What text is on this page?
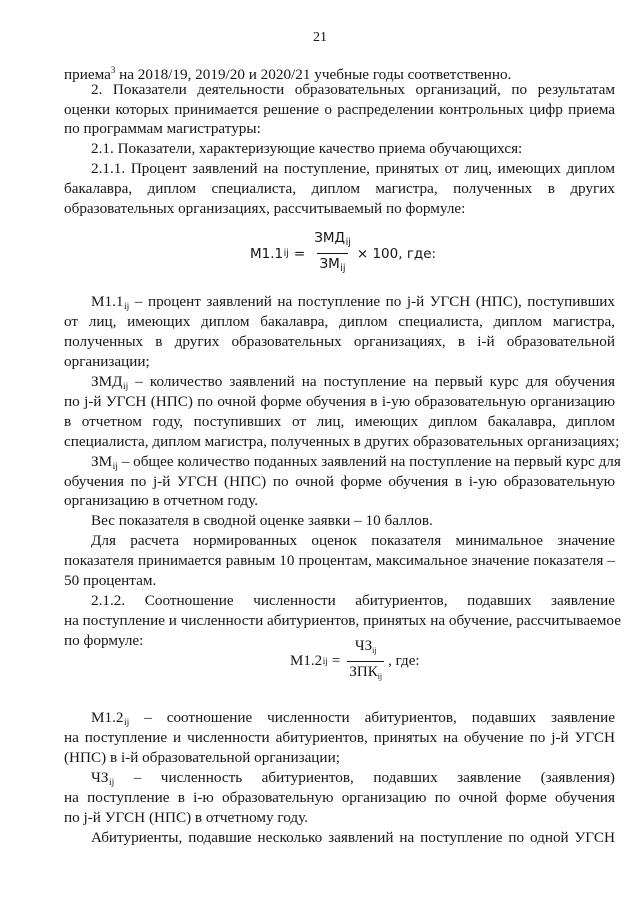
21
приема$^3$ на 2018/19, 2019/20 и 2020/21 учебные годы соответственно.
2. Показатели деятельности образовательных организаций, по результатам
оценки которых принимается решение о распределении контрольных цифр приема
по программам магистратуры:
2.1. Показатели, характеризующие качество приема обучающихся:
2.1.1. Процент заявлений на поступление, принятых от лиц, имеющих диплом
бакалавра, диплом специалиста, диплом магистра, полученных в других
образовательных организациях, рассчитываемый по формуле:
М1.1 ij = $\frac{ЗМД_{ij}}{ЗМ_{ij}} \times 100$ , где:
$М1.1_{ij}$ – процент заявлений на поступление по j-й УГСН (НПС), поступивших
от лиц, имеющих диплом бакалавра, диплом специалиста, диплом магистра,
полученных в других образовательных организациях, в i-й образовательной
организации;
$ЗМД_{ij}$ – количество заявлений на поступление на первый курс для обучения
по j-й УГСН (НПС) по очной форме обучения в i-ую образовательную организацию
в отчетном году, поступивших от лиц, имеющих диплом бакалавра, диплом
специалиста, диплом магистра, полученных в других образовательных организациях;
$ЗМ_{ij}$ – общее количество поданных заявлений на поступление на первый курс для
обучения по j-й УГСН (НПС) по очной форме обучения в i-ую образовательную
организацию в отчетном году.
Вес показателя в сводной оценке заявки – 10 баллов.
Для расчета нормированных оценок показателя минимальное значение
показателя принимается равным 10 процентам, максимальное значение показателя –
50 процентам.
2.1.2. Соотношение численности абитуриентов, подавших заявление
на поступление и численности абитуриентов, принятых на обучение, рассчитываемое
по формуле:
М1.2 ij = $\frac{ЧЗ_{ij}}{ЗПК_{ij}}$ , где:
$М1.2_{ij}$ – соотношение численности абитуриентов, подавших заявление
на поступление и численности абитуриентов, принятых на обучение по j-й УГСН
(НПС) в i-й образовательной организации;
$ЧЗ_{ij}$ – численность абитуриентов, подавших заявление (заявления)
на поступление в i-ю образовательную организацию по очной форме обучения
по j-й УГСН (НПС) в отчетному году.
Абитуриенты, подавшие несколько заявлений на поступление по одной УГСН
